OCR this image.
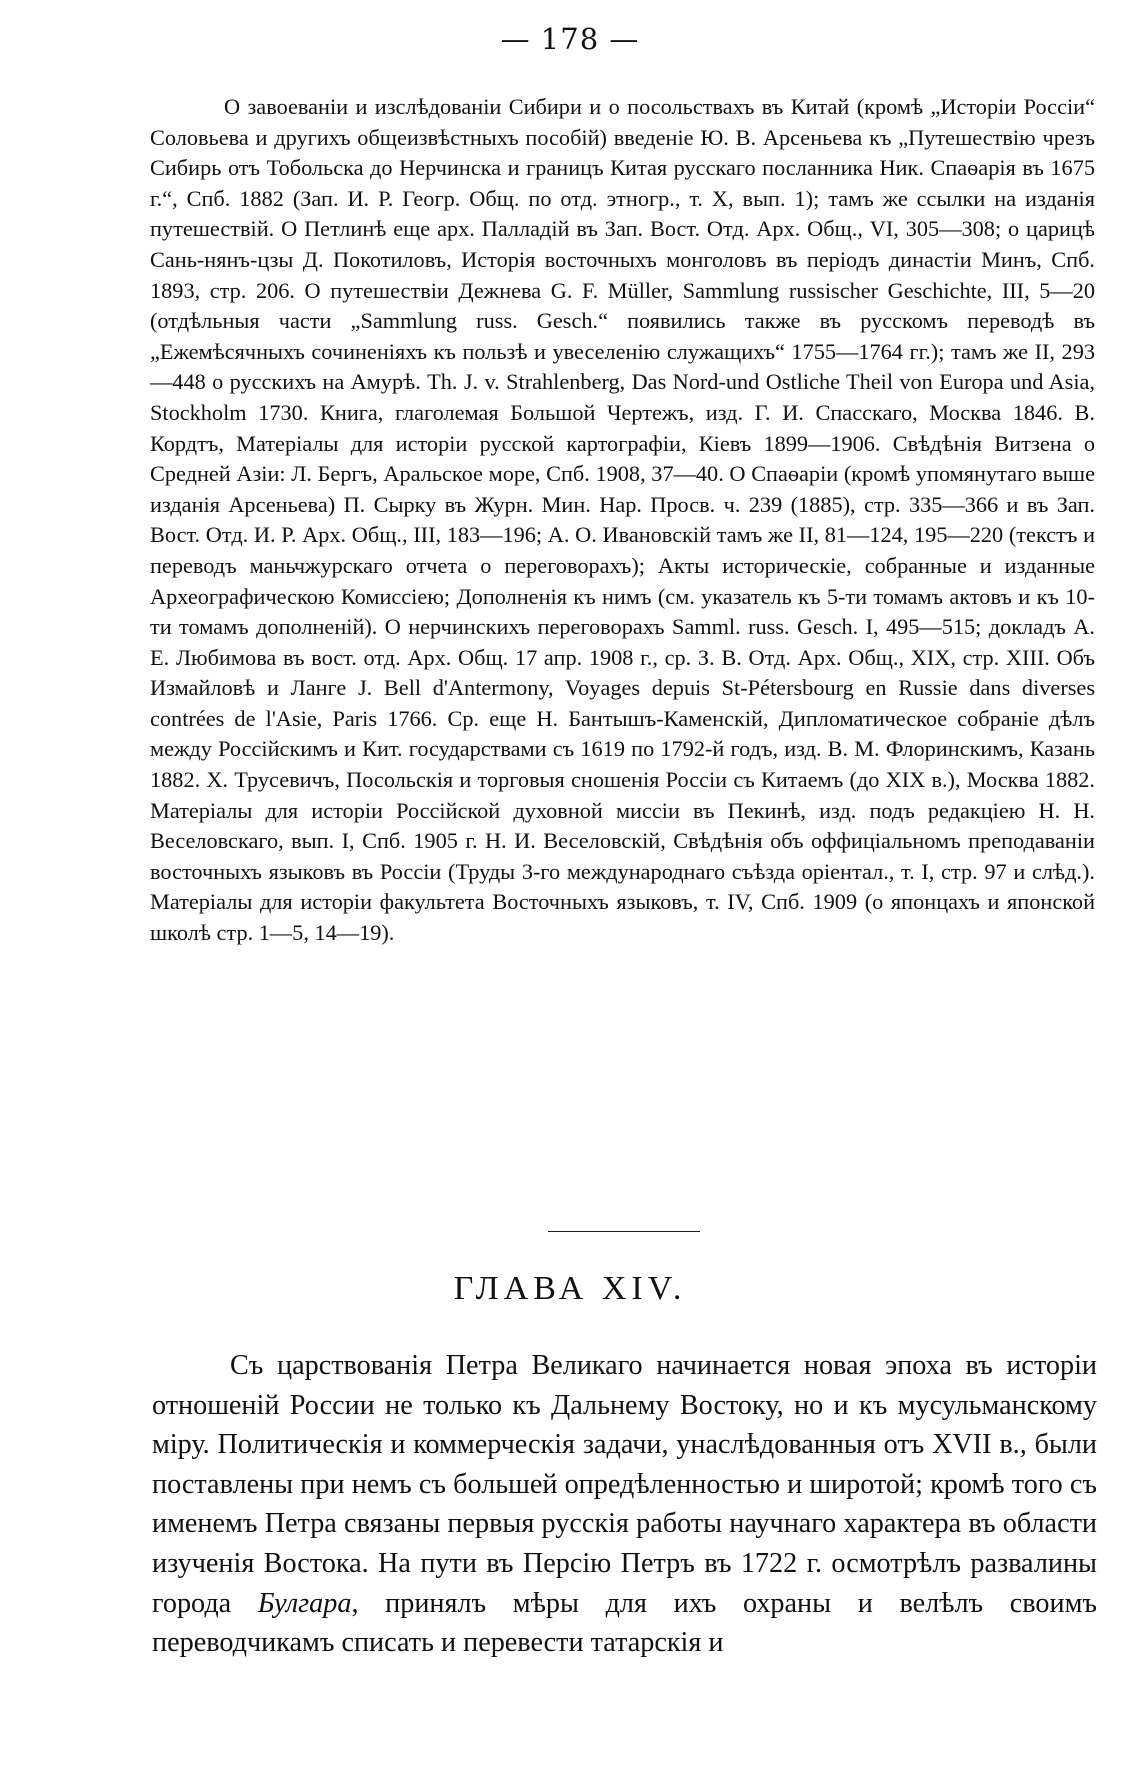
— 178 —

О завоеваніи и изслѣдованіи Сибири и о посольствахъ въ Китай (кромѣ „Исторіи Россіи“ Соловьева и другихъ общеизвѣстныхъ пособій) введеніе Ю. В. Арсеньева къ „Путешествію чрезъ Сибирь отъ Тобольска до Нерчинска и границъ Китая русскаго посланника Ник. Спаѳарія въ 1675 г.“, Спб. 1882 (Зап. И. Р. Геогр. Общ. по отд. этногр., т. X, вып. 1); тамъ же ссылки на изданія путешествій. О Петлинѣ еще арх. Палладій въ Зап. Вост. Отд. Арх. Общ., VI, 305—308; о царицѣ Сань-нянъ-цзы Д. Покотиловъ, Исторія восточныхъ монголовъ въ періодъ династіи Минъ, Спб. 1893, стр. 206. О путешествіи Дежнева G. F. Müller, Sammlung russischer Geschichte, III, 5—20 (отдѣльныя части „Sammlung russ. Gesch.“ появились также въ русскомъ переводѣ въ „Ежемѣсячныхъ сочиненіяхъ къ пользѣ и увеселенію служащихъ“ 1755—1764 гг.); тамъ же II, 293—448 о русскихъ на Амурѣ. Th. J. v. Strahlenberg, Das Nord-und Ostliche Theil von Europa und Asia, Stockholm 1730. Книга, глаголемая Большой Чертежъ, изд. Г. И. Спасскаго, Москва 1846. В. Кордтъ, Матеріалы для исторіи русской картографіи, Кіевъ 1899—1906. Свѣдѣнія Витзена о Средней Азіи: Л. Бергъ, Аральское море, Спб. 1908, 37—40. О Спаѳаріи (кромѣ упомянутаго выше изданія Арсеньева) П. Сырку въ Журн. Мин. Нар. Просв. ч. 239 (1885), стр. 335—366 и въ Зап. Вост. Отд. И. Р. Арх. Общ., III, 183—196; А. О. Ивановскій тамъ же II, 81—124, 195—220 (текстъ и переводъ маньчжурскаго отчета о переговорахъ); Акты историческіе, собранные и изданные Археографическою Комиссіею; Дополненія къ нимъ (см. указатель къ 5-ти томамъ актовъ и къ 10-ти томамъ дополненій). О нерчинскихъ переговорахъ Samml. russ. Gesch. I, 495—515; докладъ А. Е. Любимова въ вост. отд. Арх. Общ. 17 апр. 1908 г., ср. З. В. Отд. Арх. Общ., XIX, стр. XIII. Объ Измайловѣ и Ланге J. Bell d'Antermony, Voyages depuis St-Pétersbourg en Russie dans diverses contrées de l'Asie, Paris 1766. Ср. еще Н. Бантышъ-Каменскій, Дипломатическое собраніе дѣлъ между Россійскимъ и Кит. государствами съ 1619 по 1792-й годъ, изд. В. М. Флоринскимъ, Казань 1882. X. Трусевичъ, Посольскія и торговыя сношенія Россіи съ Китаемъ (до XIX в.), Москва 1882. Матеріалы для исторіи Россійской духовной миссіи въ Пекинѣ, изд. подъ редакціею Н. Н. Веселовскаго, вып. I, Спб. 1905 г. Н. И. Веселовскій, Свѣдѣнія объ оффиціальномъ преподаваніи восточныхъ языковъ въ Россіи (Труды 3-го международнаго съѣзда оріентал., т. I, стр. 97 и слѣд.). Матеріалы для исторіи факультета Восточныхъ языковъ, т. IV, Спб. 1909 (о японцахъ и японской школѣ стр. 1—5, 14—19).

ГЛАВА XIV.

Съ царствованія Петра Великаго начинается новая эпоха въ исторіи отношеній России не только къ Дальнему Востоку, но и къ мусульманскому міру. Политическія и коммерческія задачи, унаслѣдованныя отъ XVII в., были поставлены при немъ съ большей опредѣленностью и широтой; кромѣ того съ именемъ Петра связаны первыя русскія работы научнаго характера въ области изученія Востока. На пути въ Персію Петръ въ 1722 г. осмотрѣлъ развалины города Булгара, принялъ мѣры для ихъ охраны и велѣлъ своимъ переводчикамъ списать и перевести татарскія и
